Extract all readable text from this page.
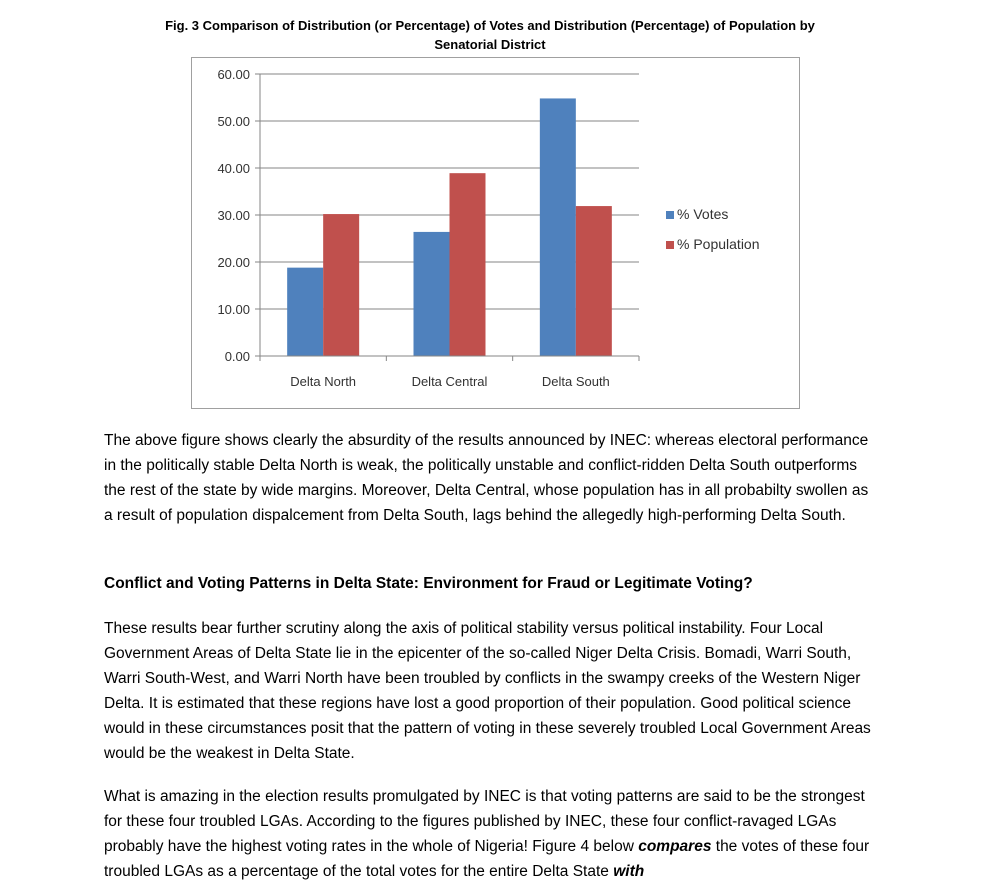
Fig. 3 Comparison of Distribution (or Percentage) of Votes and Distribution (Percentage) of Population by
Senatorial District
0.00
10.00
20.00
30.00
40.00
50.00
60.00
Delta North	Delta Central	Delta South
% Votes
% Population

The above figure shows clearly the absurdity of the results announced by INEC: whereas electoral performance in the politically stable Delta North is weak, the politically unstable and conflict-ridden Delta South outperforms the rest of the state by wide margins. Moreover, Delta Central, whose population has in all probabilty swollen as a result of population dispalcement from Delta South, lags behind the allegedly high-performing Delta South.

Conflict and Voting Patterns in Delta State: Environment for Fraud or Legitimate Voting?

These results bear further scrutiny along the axis of political stability versus political instability. Four Local Government Areas of Delta State lie in the epicenter of the so-called Niger Delta Crisis. Bomadi, Warri South, Warri South-West, and Warri North have been troubled by conflicts in the swampy creeks of the Western Niger Delta. It is estimated that these regions have lost a good proportion of their population. Good political science would in these circumstances posit that the pattern of voting in these severely troubled Local Government Areas would be the weakest in Delta State.

What is amazing in the election results promulgated by INEC is that voting patterns are said to be the strongest for these four troubled LGAs. According to the figures published by INEC, these four conflict-ravaged LGAs probably have the highest voting rates in the whole of Nigeria! Figure 4 below compares the votes of these four troubled LGAs as a percentage of the total votes for the entire Delta State with
